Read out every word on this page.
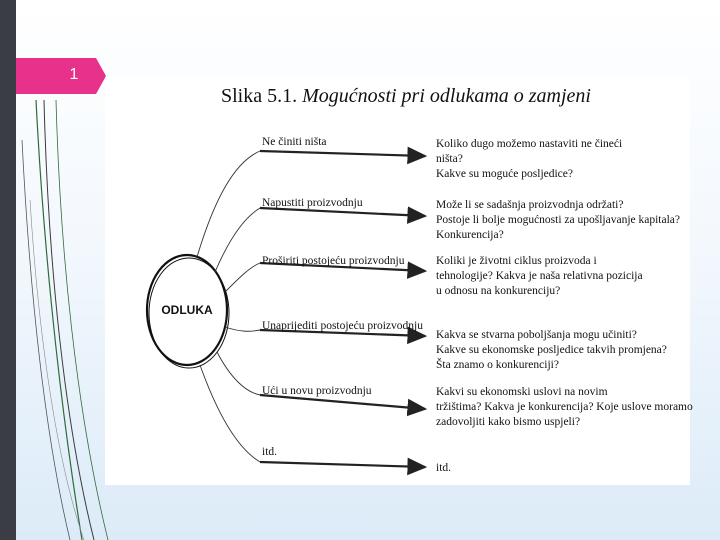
1
Slika 5.1. Mogućnosti pri odlukama o zamjeni
ODLUKA
Ne činiti ništa
Napustiti proizvodnju
Proširiti postojeću proizvodnju
Unaprijediti postojeću proizvodnju
Ući u novu proizvodnju
itd.
Koliko dugo možemo nastaviti ne čineći
ništa?
Kakve su moguće posljedice?
Može li se sadašnja proizvodnja održati?
Postoje li bolje mogućnosti za upošljavanje kapitala?
Konkurencija?
Koliki je životni ciklus proizvoda i
tehnologije? Kakva je naša relativna pozicija
u odnosu na konkurenciju?
Kakva se stvarna poboljšanja mogu učiniti?
Kakve su ekonomske posljedice takvih promjena?
Šta znamo o konkurenciji?
Kakvi su ekonomski uslovi na novim
tržištima? Kakva je konkurencija? Koje uslove moramo
zadovoljiti kako bismo uspjeli?
itd.
